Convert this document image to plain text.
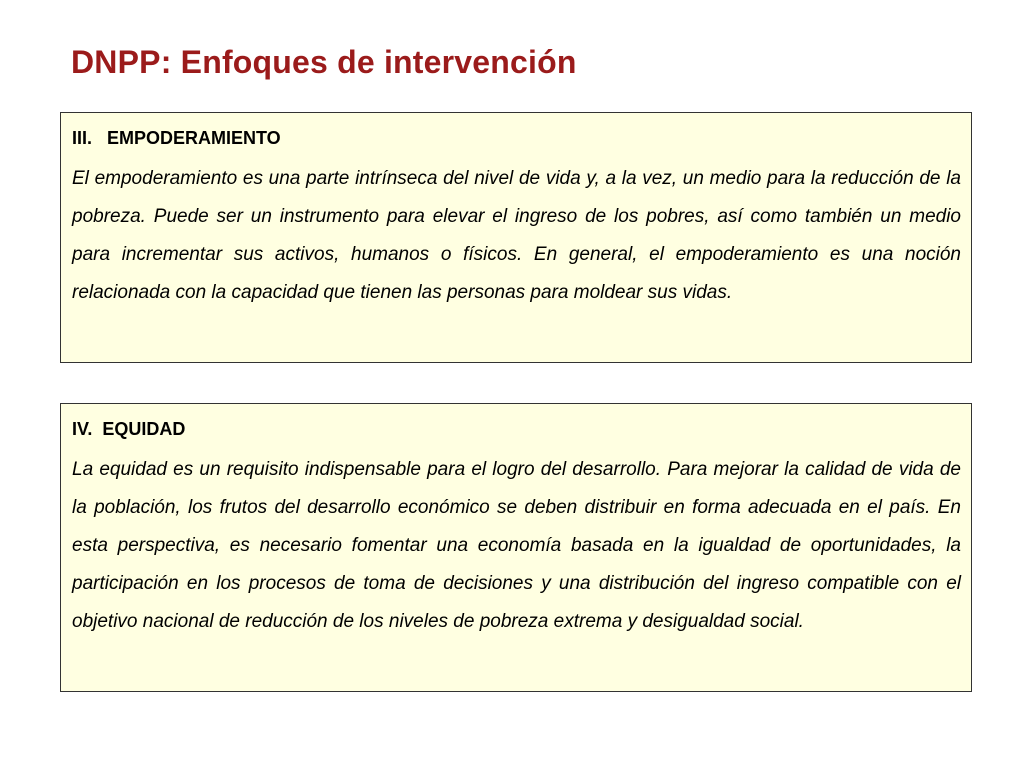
DNPP: Enfoques de intervención

III.   EMPODERAMIENTO

El empoderamiento es una parte intrínseca del nivel de vida y, a la vez, un medio para la reducción de la pobreza. Puede ser un instrumento para elevar el ingreso de los pobres, así como también un medio para incrementar sus activos, humanos o físicos. En general, el empoderamiento es una noción relacionada con la capacidad que tienen las personas para moldear sus vidas.

IV.  EQUIDAD

La equidad es un requisito indispensable para el logro del desarrollo. Para mejorar la calidad de vida de la población, los frutos del desarrollo económico se deben distribuir en forma adecuada en el país. En esta perspectiva, es necesario fomentar una economía basada en la igualdad de oportunidades, la participación en los procesos de toma de decisiones y una distribución del ingreso compatible con el objetivo nacional de reducción de los niveles de pobreza extrema y desigualdad social.
